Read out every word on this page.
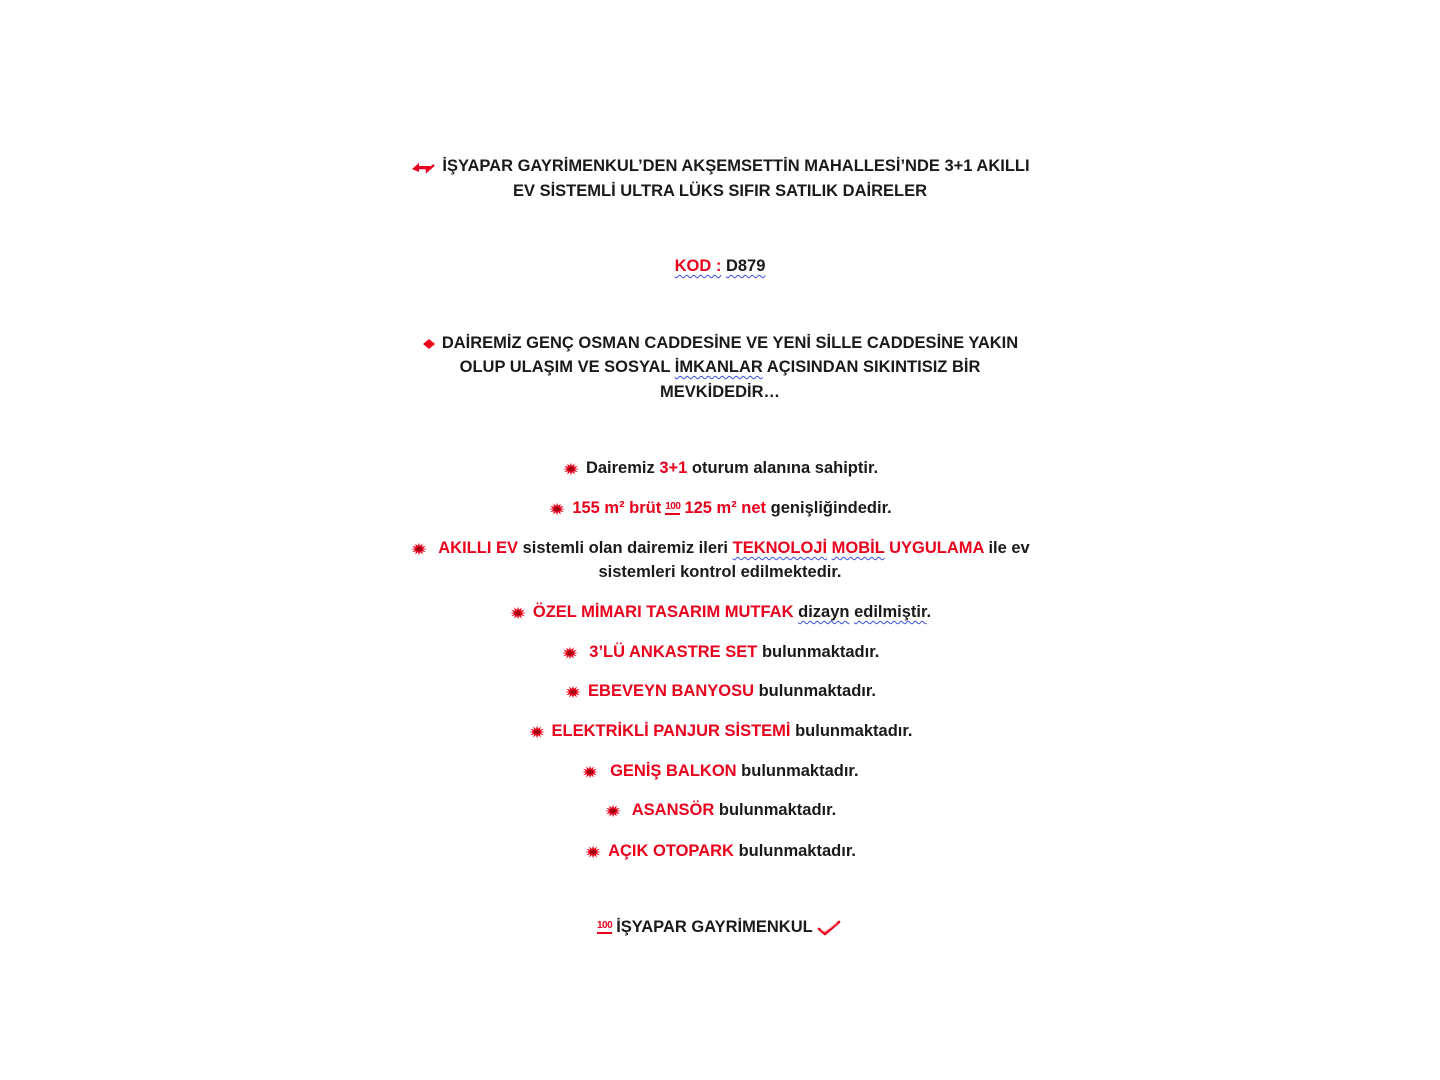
İŞYAPAR GAYRİMENKUL’DEN AKŞEMSETTİN MAHALLESİ’NDE 3+1 AKILLI
EV SİSTEMLİ ULTRA LÜKS SIFIR SATILIK DAİRELER
KOD : D879
DAİREMİZ GENÇ OSMAN CADDESİNE VE YENİ SİLLE CADDESİNE YAKIN
OLUP ULAŞIM VE SOSYAL İMKANLAR AÇISINDAN SIKINTISIZ BİR
MEVKİDEDİR…
Dairemiz 3+1 oturum alanına sahiptir.
155 m² brüt 100 125 m² net genişliğindedir.
AKILLI EV sistemli olan dairemiz ileri TEKNOLOJİ MOBİL UYGULAMA ile ev
sistemleri kontrol edilmektedir.
ÖZEL MİMARI TASARIM MUTFAK dizayn edilmiştir.
3’LÜ ANKASTRE SET bulunmaktadır.
EBEVEYN BANYOSU bulunmaktadır.
ELEKTRİKLİ PANJUR SİSTEMİ bulunmaktadır.
GENİŞ BALKON bulunmaktadır.
ASANSÖR bulunmaktadır.
AÇIK OTOPARK bulunmaktadır.
100 İŞYAPAR GAYRİMENKUL
